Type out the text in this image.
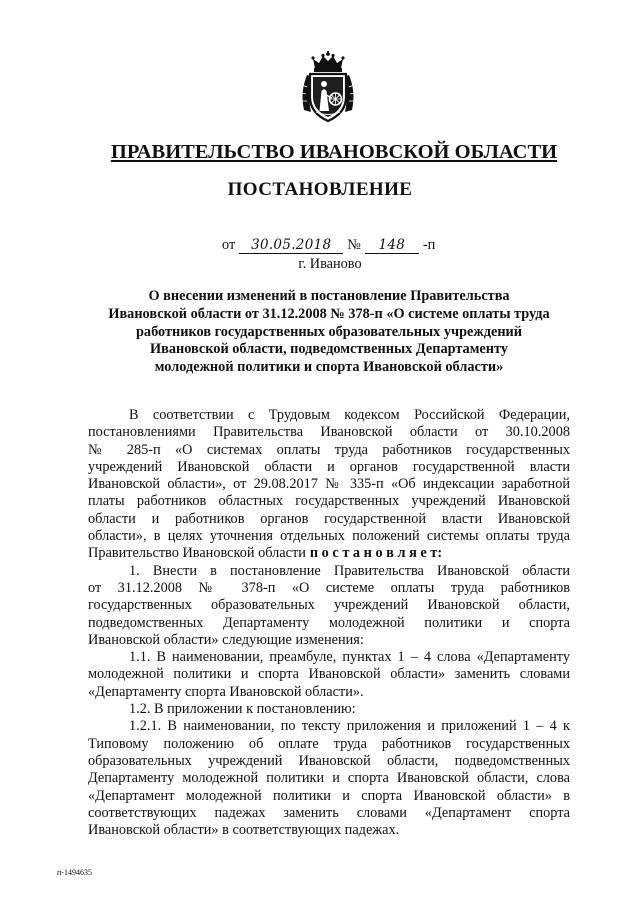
ПРАВИТЕЛЬСТВО ИВАНОВСКОЙ ОБЛАСТИ
ПОСТАНОВЛЕНИЕ
от 30.05.2018 № 148 -п
г. Иваново
О внесении изменений в постановление Правительства
Ивановской области от 31.12.2008 № 378-п «О системе оплаты труда
работников государственных образовательных учреждений
Ивановской области, подведомственных Департаменту
молодежной политики и спорта Ивановской области»
В соответствии с Трудовым кодексом Российской Федерации,
постановлениями Правительства Ивановской области от 30.10.2008
№ 285-п «О системах оплаты труда работников государственных
учреждений Ивановской области и органов государственной власти
Ивановской области», от 29.08.2017 № 335-п «Об индексации заработной
платы работников областных государственных учреждений Ивановской
области и работников органов государственной власти Ивановской
области», в целях уточнения отдельных положений системы оплаты труда
Правительство Ивановской области п о с т а н о в л я е т:
1. Внести в постановление Правительства Ивановской области
от 31.12.2008 № 378-п «О системе оплаты труда работников
государственных образовательных учреждений Ивановской области,
подведомственных Департаменту молодежной политики и спорта
Ивановской области» следующие изменения:
1.1. В наименовании, преамбуле, пунктах 1 – 4 слова «Департаменту
молодежной политики и спорта Ивановской области» заменить словами
«Департаменту спорта Ивановской области».
1.2. В приложении к постановлению:
1.2.1. В наименовании, по тексту приложения и приложений 1 – 4 к
Типовому положению об оплате труда работников государственных
образовательных учреждений Ивановской области, подведомственных
Департаменту молодежной политики и спорта Ивановской области, слова
«Департамент молодежной политики и спорта Ивановской области» в
соответствующих падежах заменить словами «Департамент спорта
Ивановской области» в соответствующих падежах.
п-1494635
